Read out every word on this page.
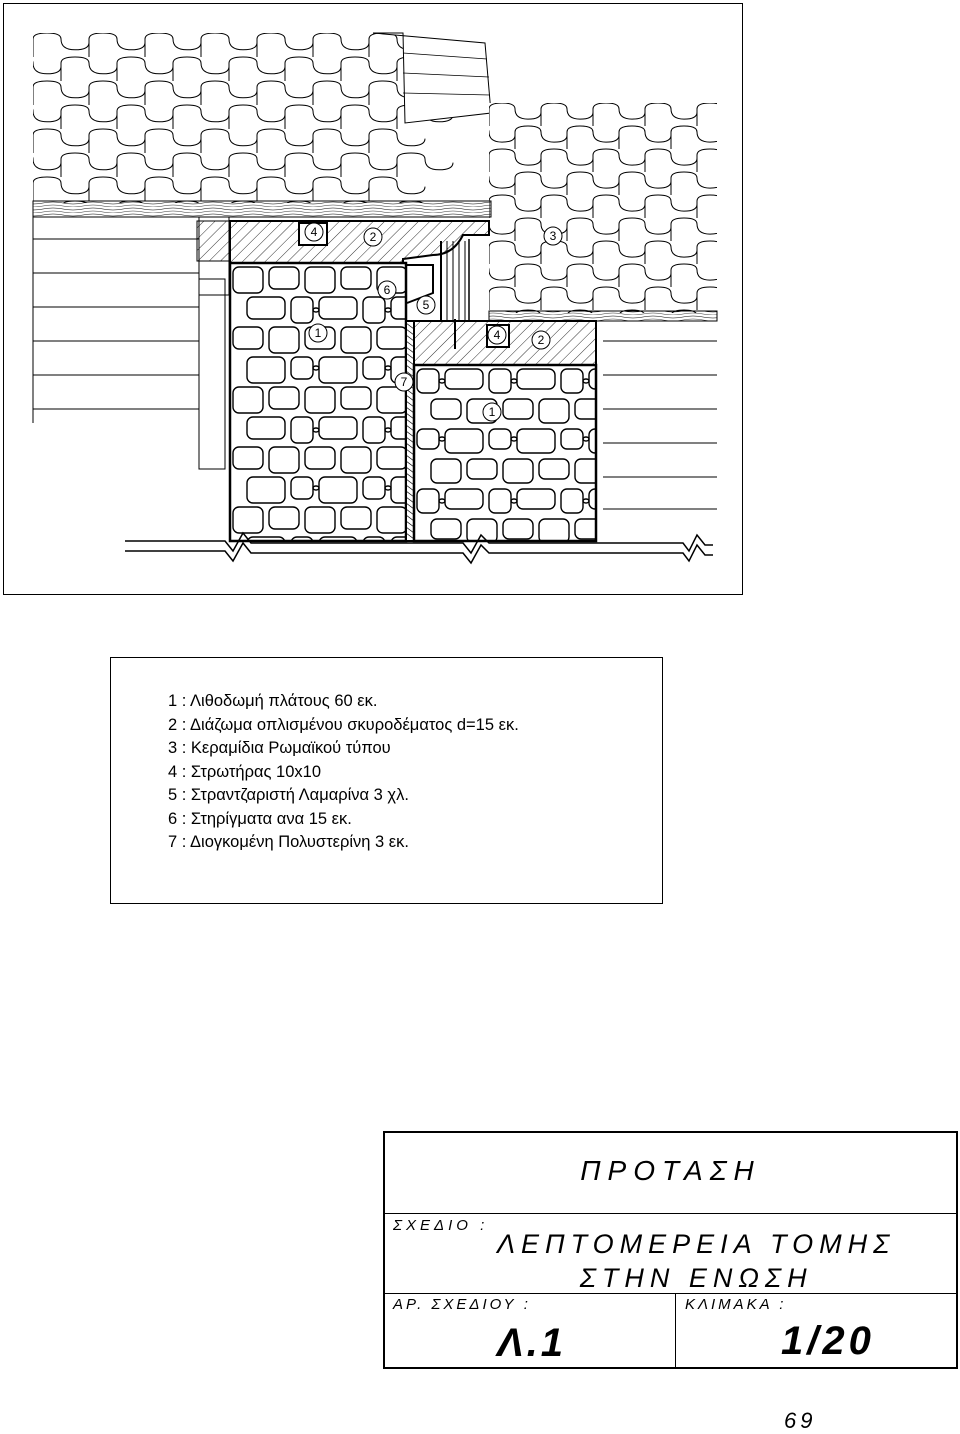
4	2	3
6
5
1	4	2
7
1
1 : Λιθοδωμή πλάτους 60 εκ.
2 : Διάζωμα οπλισμένου σκυροδέματος d=15 εκ.
3 : Κεραμίδια Ρωμαϊκού τύπου
4 : Στρωτήρας 10x10
5 : Στραντζαριστή Λαμαρίνα 3 χλ.
6 : Στηρίγματα ανα 15 εκ.
7 : Διογκομένη Πολυστερίνη 3 εκ.
ΠΡΟΤΑΣΗ
ΣΧΕΔΙΟ :
ΛΕΠΤΟΜΕΡΕΙΑ ΤΟΜΗΣ
ΣΤΗΝ ΕΝΩΣΗ
ΑΡ. ΣΧΕΔΙΟΥ :	ΚΛΙΜΑΚΑ :
Λ.1	1/20
69
